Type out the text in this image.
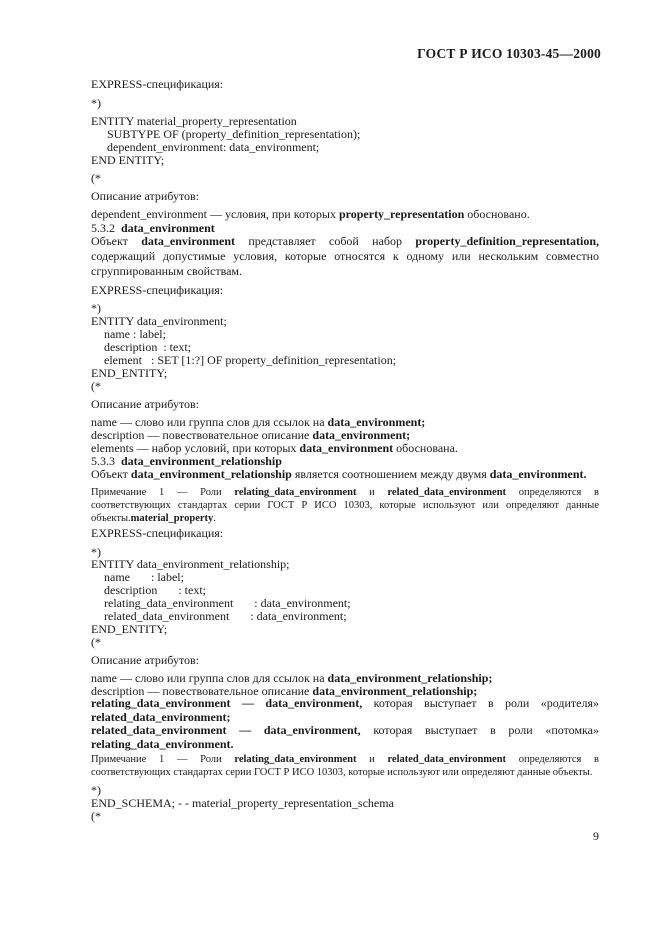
ГОСТ Р ИСО 10303-45—2000
EXPRESS-спецификация:
*)
ENTITY material_property_representation
SUBTYPE OF (property_definition_representation);
dependent_environment: data_environment;
END ENTITY;
(*
Описание атрибутов:
dependent_environment — условия, при которых property_representation обосновано.
5.3.2 data_environment
Объект data_environment представляет собой набор property_definition_representation, содержащий допустимые условия, которые относятся к одному или нескольким совместно сгруппированным свойствам.
EXPRESS-спецификация:
*)
ENTITY data_environment;
name : label;
description  : text;
element   : SET [1:?] OF property_definition_representation;
END_ENTITY;
(*
Описание атрибутов:
name — слово или группа слов для ссылок на data_environment;
description — повествовательное описание data_environment;
elements — набор условий, при которых data_environment обоснована.
5.3.3 data_environment_relationship
Объект data_environment_relationship является соотношением между двумя data_environment.
Примечание 1 — Роли relating_data_environment и related_data_environment определяются в соответствующих стандартах серии ГОСТ Р ИСО 10303, которые используют или определяют данные объекты.material_property.
EXPRESS-спецификация:
*)
ENTITY data_environment_relationship;
name       : label;
description       : text;
relating_data_environment       : data_environment;
related_data_environment       : data_environment;
END_ENTITY;
(*
Описание атрибутов:
name — слово или группа слов для ссылок на data_environment_relationship;
description — повествовательное описание data_environment_relationship;
relating_data_environment — data_environment, которая выступает в роли «родителя» related_data_environment;
related_data_environment — data_environment, которая выступает в роли «потомка» relating_data_environment.
Примечание 1 — Роли relating_data_environment и related_data_environment определяются в соответствующих стандартах серии ГОСТ Р ИСО 10303, которые используют или определяют данные объекты.
*)
END_SCHEMA; - - material_property_representation_schema
(*
9
